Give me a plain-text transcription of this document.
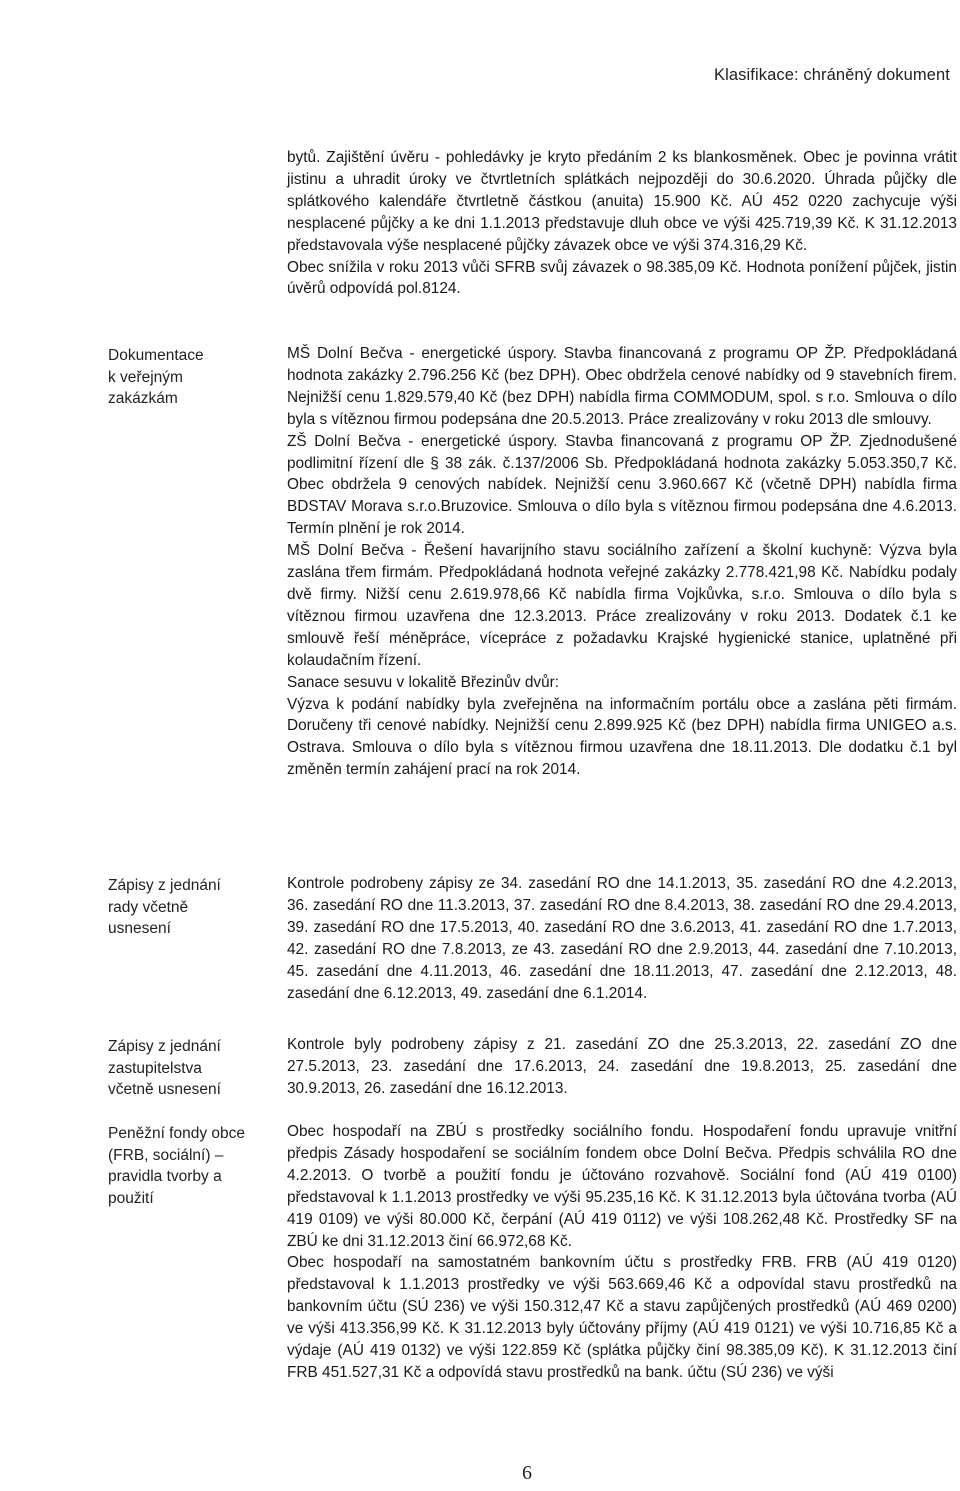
Klasifikace: chráněný dokument

bytů. Zajištění úvěru - pohledávky je kryto předáním 2 ks blankosměnek. Obec je povinna vrátit jistinu a uhradit úroky ve čtvrtletních splátkách nejpozději do 30.6.2020. Úhrada půjčky dle splátkového kalendáře čtvrtletně částkou (anuita) 15.900 Kč. AÚ 452 0220 zachycuje výši nesplacené půjčky a ke dni 1.1.2013 představuje dluh obce ve výši 425.719,39 Kč. K 31.12.2013 představovala výše nesplacené půjčky závazek obce ve výši 374.316,29 Kč.

Obec snížila v roku 2013 vůči SFRB svůj závazek o 98.385,09 Kč. Hodnota ponížení půjček, jistin úvěrů odpovídá pol.8124.

Dokumentace
k veřejným
zakázkám

MŠ Dolní Bečva - energetické úspory. Stavba financovaná z programu OP ŽP. Předpokládaná hodnota zakázky 2.796.256 Kč (bez DPH). Obec obdržela cenové nabídky od 9 stavebních firem. Nejnižší cenu 1.829.579,40 Kč (bez DPH) nabídla firma COMMODUM, spol. s r.o. Smlouva o dílo byla s vítěznou firmou podepsána dne 20.5.2013. Práce zrealizovány v roku 2013 dle smlouvy.

ZŠ Dolní Bečva - energetické úspory. Stavba financovaná z programu OP ŽP. Zjednodušené podlimitní řízení dle § 38 zák. č.137/2006 Sb. Předpokládaná hodnota zakázky 5.053.350,7 Kč. Obec obdržela 9 cenových nabídek. Nejnižší cenu 3.960.667 Kč (včetně DPH) nabídla firma BDSTAV Morava s.r.o.Bruzovice. Smlouva o dílo byla s vítěznou firmou podepsána dne 4.6.2013. Termín plnění je rok 2014.

MŠ Dolní Bečva - Řešení havarijního stavu sociálního zařízení a školní kuchyně: Výzva byla zaslána třem firmám. Předpokládaná hodnota veřejné zakázky 2.778.421,98 Kč. Nabídku podaly dvě firmy. Nižší cenu 2.619.978,66 Kč nabídla firma Vojkůvka, s.r.o. Smlouva o dílo byla s vítěznou firmou uzavřena dne 12.3.2013. Práce zrealizovány v roku 2013. Dodatek č.1 ke smlouvě řeší méněpráce, vícepráce z požadavku Krajské hygienické stanice, uplatněné při kolaudačním řízení.

Sanace sesuvu v lokalitě Březinův dvůr:

Výzva k podání nabídky byla zveřejněna na informačním portálu obce a zaslána pěti firmám. Doručeny tři cenové nabídky. Nejnižší cenu 2.899.925 Kč (bez DPH) nabídla firma UNIGEO a.s. Ostrava. Smlouva o dílo byla s vítěznou firmou uzavřena dne 18.11.2013. Dle dodatku č.1 byl změněn termín zahájení prací na rok 2014.

Zápisy z jednání
rady včetně
usnesení

Kontrole podrobeny zápisy ze 34. zasedání RO dne 14.1.2013, 35. zasedání RO dne 4.2.2013, 36. zasedání RO dne 11.3.2013, 37. zasedání RO dne 8.4.2013, 38. zasedání RO dne 29.4.2013, 39. zasedání RO dne 17.5.2013, 40. zasedání RO dne 3.6.2013, 41. zasedání RO dne 1.7.2013, 42. zasedání RO dne 7.8.2013, ze 43. zasedání RO dne 2.9.2013, 44. zasedání dne 7.10.2013, 45. zasedání dne 4.11.2013, 46. zasedání dne 18.11.2013, 47. zasedání dne 2.12.2013, 48. zasedání dne 6.12.2013, 49. zasedání dne 6.1.2014.

Zápisy z jednání
zastupitelstva
včetně usnesení

Kontrole byly podrobeny zápisy z 21. zasedání ZO dne 25.3.2013, 22. zasedání ZO dne 27.5.2013, 23. zasedání dne 17.6.2013, 24. zasedání dne 19.8.2013, 25. zasedání dne 30.9.2013, 26. zasedání dne 16.12.2013.

Peněžní fondy obce
(FRB, sociální) –
pravidla tvorby a
použití

Obec hospodaří na ZBÚ s prostředky sociálního fondu. Hospodaření fondu upravuje vnitřní předpis Zásady hospodaření se sociálním fondem obce Dolní Bečva. Předpis schválila RO dne 4.2.2013. O tvorbě a použití fondu je účtováno rozvahově. Sociální fond (AÚ 419 0100) představoval k 1.1.2013 prostředky ve výši 95.235,16 Kč. K 31.12.2013 byla účtována tvorba (AÚ 419 0109) ve výši 80.000 Kč, čerpání (AÚ 419 0112) ve výši 108.262,48 Kč. Prostředky SF na ZBÚ ke dni 31.12.2013 činí 66.972,68 Kč.

Obec hospodaří na samostatném bankovním účtu s prostředky FRB. FRB (AÚ 419 0120) představoval k 1.1.2013 prostředky ve výši 563.669,46 Kč a odpovídal stavu prostředků na bankovním účtu (SÚ 236) ve výši 150.312,47 Kč a stavu zapůjčených prostředků (AÚ 469 0200) ve výši 413.356,99 Kč. K 31.12.2013 byly účtovány příjmy (AÚ 419 0121) ve výši 10.716,85 Kč a výdaje (AÚ 419 0132) ve výši 122.859 Kč (splátka půjčky činí 98.385,09 Kč). K 31.12.2013 činí FRB 451.527,31 Kč a odpovídá stavu prostředků na bank. účtu (SÚ 236) ve výši

6
